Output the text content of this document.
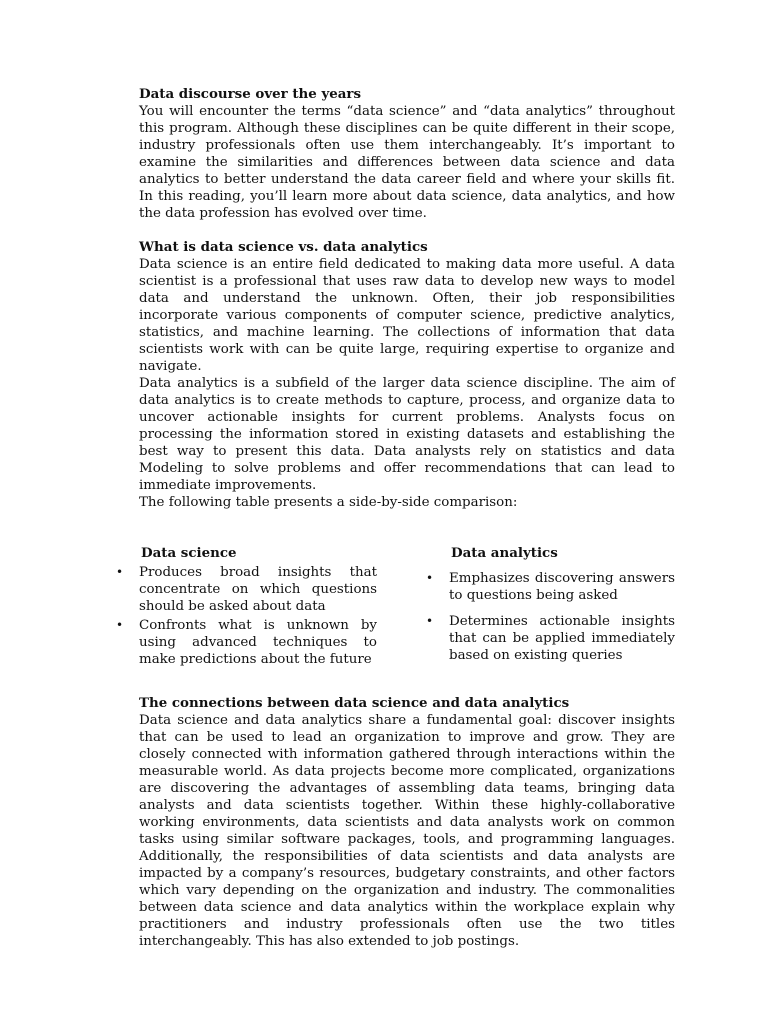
Data discourse over the years

You will encounter the terms “data science” and “data analytics” throughout this program. Although these disciplines can be quite different in their scope, industry professionals often use them interchangeably. It’s important to examine the similarities and differences between data science and data analytics to better understand the data career field and where your skills fit. In this reading, you’ll learn more about data science, data analytics, and how the data profession has evolved over time.

What is data science vs. data analytics

Data science is an entire field dedicated to making data more useful. A data scientist is a professional that uses raw data to develop new ways to model data and understand the unknown. Often, their job responsibilities incorporate various components of computer science, predictive analytics, statistics, and machine learning. The collections of information that data scientists work with can be quite large, requiring expertise to organize and navigate.

Data analytics is a subfield of the larger data science discipline. The aim of data analytics is to create methods to capture, process, and organize data to uncover actionable insights for current problems. Analysts focus on processing the information stored in existing datasets and establishing the best way to present this data. Data analysts rely on statistics and data Modeling to solve problems and offer recommendations that can lead to immediate improvements.

The following table presents a side-by-side comparison:

Data science

• Produces broad insights that concentrate on which questions should be asked about data
• Confronts what is unknown by using advanced techniques to make predictions about the future

Data analytics

• Emphasizes discovering answers to questions being asked
• Determines actionable insights that can be applied immediately based on existing queries

The connections between data science and data analytics

Data science and data analytics share a fundamental goal: discover insights that can be used to lead an organization to improve and grow. They are closely connected with information gathered through interactions within the measurable world. As data projects become more complicated, organizations are discovering the advantages of assembling data teams, bringing data analysts and data scientists together. Within these highly-collaborative working environments, data scientists and data analysts work on common tasks using similar software packages, tools, and programming languages. Additionally, the responsibilities of data scientists and data analysts are impacted by a company’s resources, budgetary constraints, and other factors which vary depending on the organization and industry. The commonalities between data science and data analytics within the workplace explain why practitioners and industry professionals often use the two titles interchangeably. This has also extended to job postings.
